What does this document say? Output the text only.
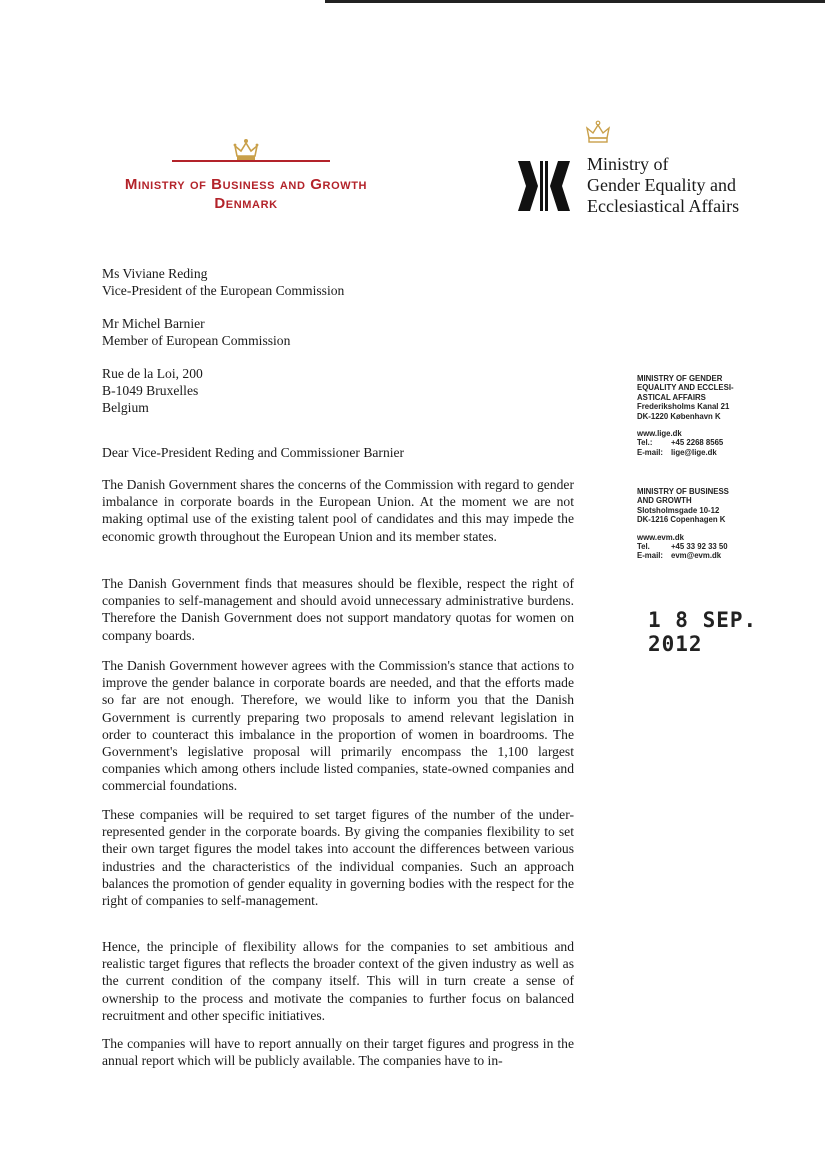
Ministry of Business and Growth
Denmark
Ministry of
Gender Equality and
Ecclesiastical Affairs

Ms Viviane Reding

Vice-President of the European Commission

Mr Michel Barnier

Member of European Commission

Rue de la Loi, 200

B-1049 Bruxelles

Belgium

MINISTRY OF GENDER
EQUALITY AND ECCLESI-
ASTICAL AFFAIRS
Frederiksholms Kanal 21
DK-1220 København K
www.lige.dk
Tel.:	+45 2268 8565
E-mail:	lige@lige.dk
MINISTRY OF BUSINESS
AND GROWTH
Slotsholmsgade 10-12
DK-1216 Copenhagen K
www.evm.dk
Tel.	+45 33 92 33 50
E-mail:	evm@evm.dk
1 8 SEP. 2012

Dear Vice-President Reding and Commissioner Barnier

The Danish Government shares the concerns of the Commission with regard to gender imbalance in corporate boards in the European Union. At the moment we are not making optimal use of the existing talent pool of candidates and this may impede the economic growth throughout the European Union and its member states.

The Danish Government finds that measures should be flexible, respect the right of companies to self-management and should avoid unnecessary administrative burdens. Therefore the Danish Government does not support mandatory quotas for women on company boards.

The Danish Government however agrees with the Commission's stance that actions to improve the gender balance in corporate boards are needed, and that the efforts made so far are not enough. Therefore, we would like to inform you that the Danish Government is currently preparing two proposals to amend relevant legislation in order to counteract this imbalance in the proportion of women in boardrooms. The Government's legislative proposal will primarily encompass the 1,100 largest companies which among others include listed companies, state-owned companies and commercial foundations.

These companies will be required to set target figures of the number of the under-represented gender in the corporate boards. By giving the companies flexibility to set their own target figures the model takes into account the differences between various industries and the characteristics of the individual companies. Such an approach balances the promotion of gender equality in governing bodies with the respect for the right of companies to self-management.

Hence, the principle of flexibility allows for the companies to set ambitious and realistic target figures that reflects the broader context of the given industry as well as the current condition of the company itself. This will in turn create a sense of ownership to the process and motivate the companies to further focus on balanced recruitment and other specific initiatives.

The companies will have to report annually on their target figures and progress in the annual report which will be publicly available. The companies have to in-
